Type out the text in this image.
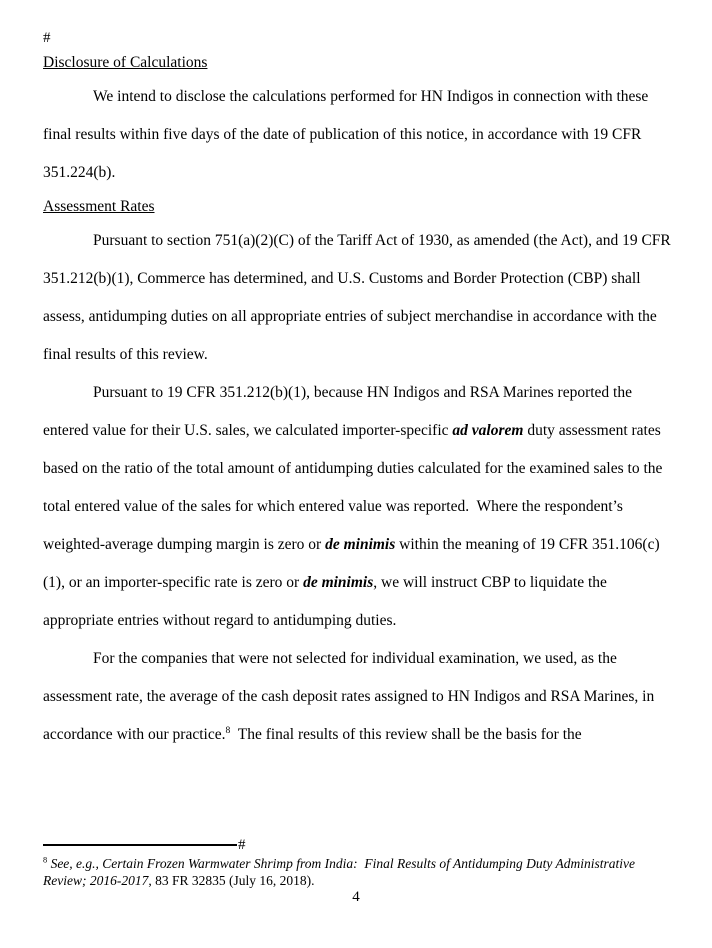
#
Disclosure of Calculations

We intend to disclose the calculations performed for HN Indigos in connection with these final results within five days of the date of publication of this notice, in accordance with 19 CFR 351.224(b).

Assessment Rates

Pursuant to section 751(a)(2)(C) of the Tariff Act of 1930, as amended (the Act), and 19 CFR 351.212(b)(1), Commerce has determined, and U.S. Customs and Border Protection (CBP) shall assess, antidumping duties on all appropriate entries of subject merchandise in accordance with the final results of this review.

Pursuant to 19 CFR 351.212(b)(1), because HN Indigos and RSA Marines reported the entered value for their U.S. sales, we calculated importer-specific ad valorem duty assessment rates based on the ratio of the total amount of antidumping duties calculated for the examined sales to the total entered value of the sales for which entered value was reported.  Where the respondent’s weighted-average dumping margin is zero or de minimis within the meaning of 19 CFR 351.106(c)(1), or an importer-specific rate is zero or de minimis, we will instruct CBP to liquidate the appropriate entries without regard to antidumping duties.

For the companies that were not selected for individual examination, we used, as the assessment rate, the average of the cash deposit rates assigned to HN Indigos and RSA Marines, in accordance with our practice.$^8$  The final results of this review shall be the basis for the

#

$^8$ See, e.g., Certain Frozen Warmwater Shrimp from India:  Final Results of Antidumping Duty Administrative Review; 2016-2017, 83 FR 32835 (July 16, 2018).

4
